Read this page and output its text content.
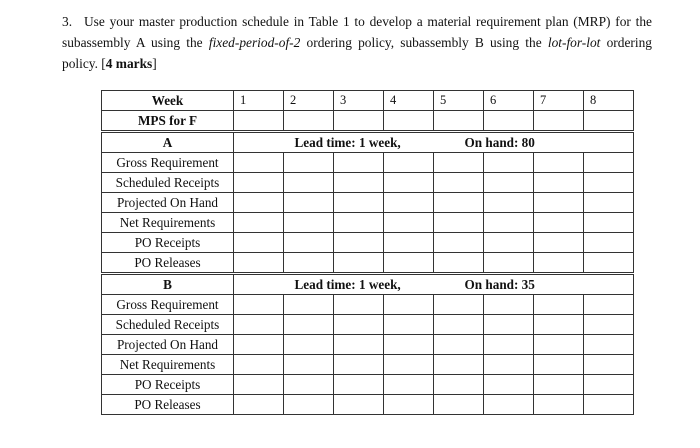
3. Use your master production schedule in Table 1 to develop a material requirement plan (MRP) for the subassembly A using the fixed-period-of-2 ordering policy, subassembly B using the lot-for-lot ordering policy. [4 marks]
Week	1	2	3	4	5	6	7	8
MPS for F								
A	Lead time: 1 week, On hand: 80							
Gross Requirement								
Scheduled Receipts								
Projected On Hand								
Net Requirements								
PO Receipts								
PO Releases								
B	Lead time: 1 week, On hand: 35							
Gross Requirement								
Scheduled Receipts								
Projected On Hand								
Net Requirements								
PO Receipts								
PO Releases								
